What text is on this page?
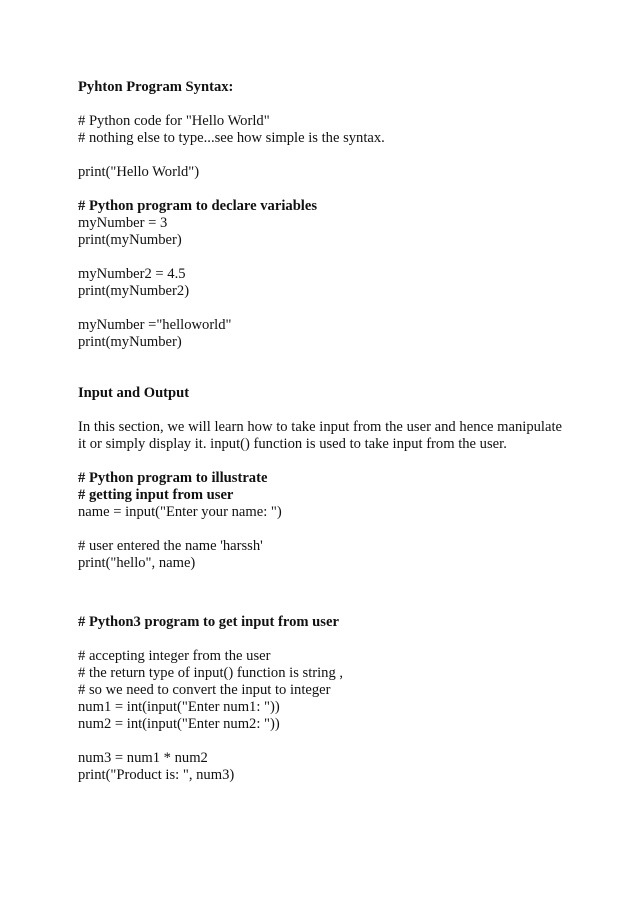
Pyhton Program Syntax:
# Python code for "Hello World"
# nothing else to type...see how simple is the syntax.
print("Hello World")
# Python program to declare variables
myNumber = 3
print(myNumber)
myNumber2 = 4.5
print(myNumber2)
myNumber ="helloworld"
print(myNumber)
Input and Output
In this section, we will learn how to take input from the user and hence manipulate it or simply display it. input() function is used to take input from the user.
# Python program to illustrate
# getting input from user
name = input("Enter your name: ")
# user entered the name 'harssh'
print("hello", name)
# Python3 program to get input from user
# accepting integer from the user
# the return type of input() function is string ,
# so we need to convert the input to integer
num1 = int(input("Enter num1: "))
num2 = int(input("Enter num2: "))
num3 = num1 * num2
print("Product is: ", num3)
